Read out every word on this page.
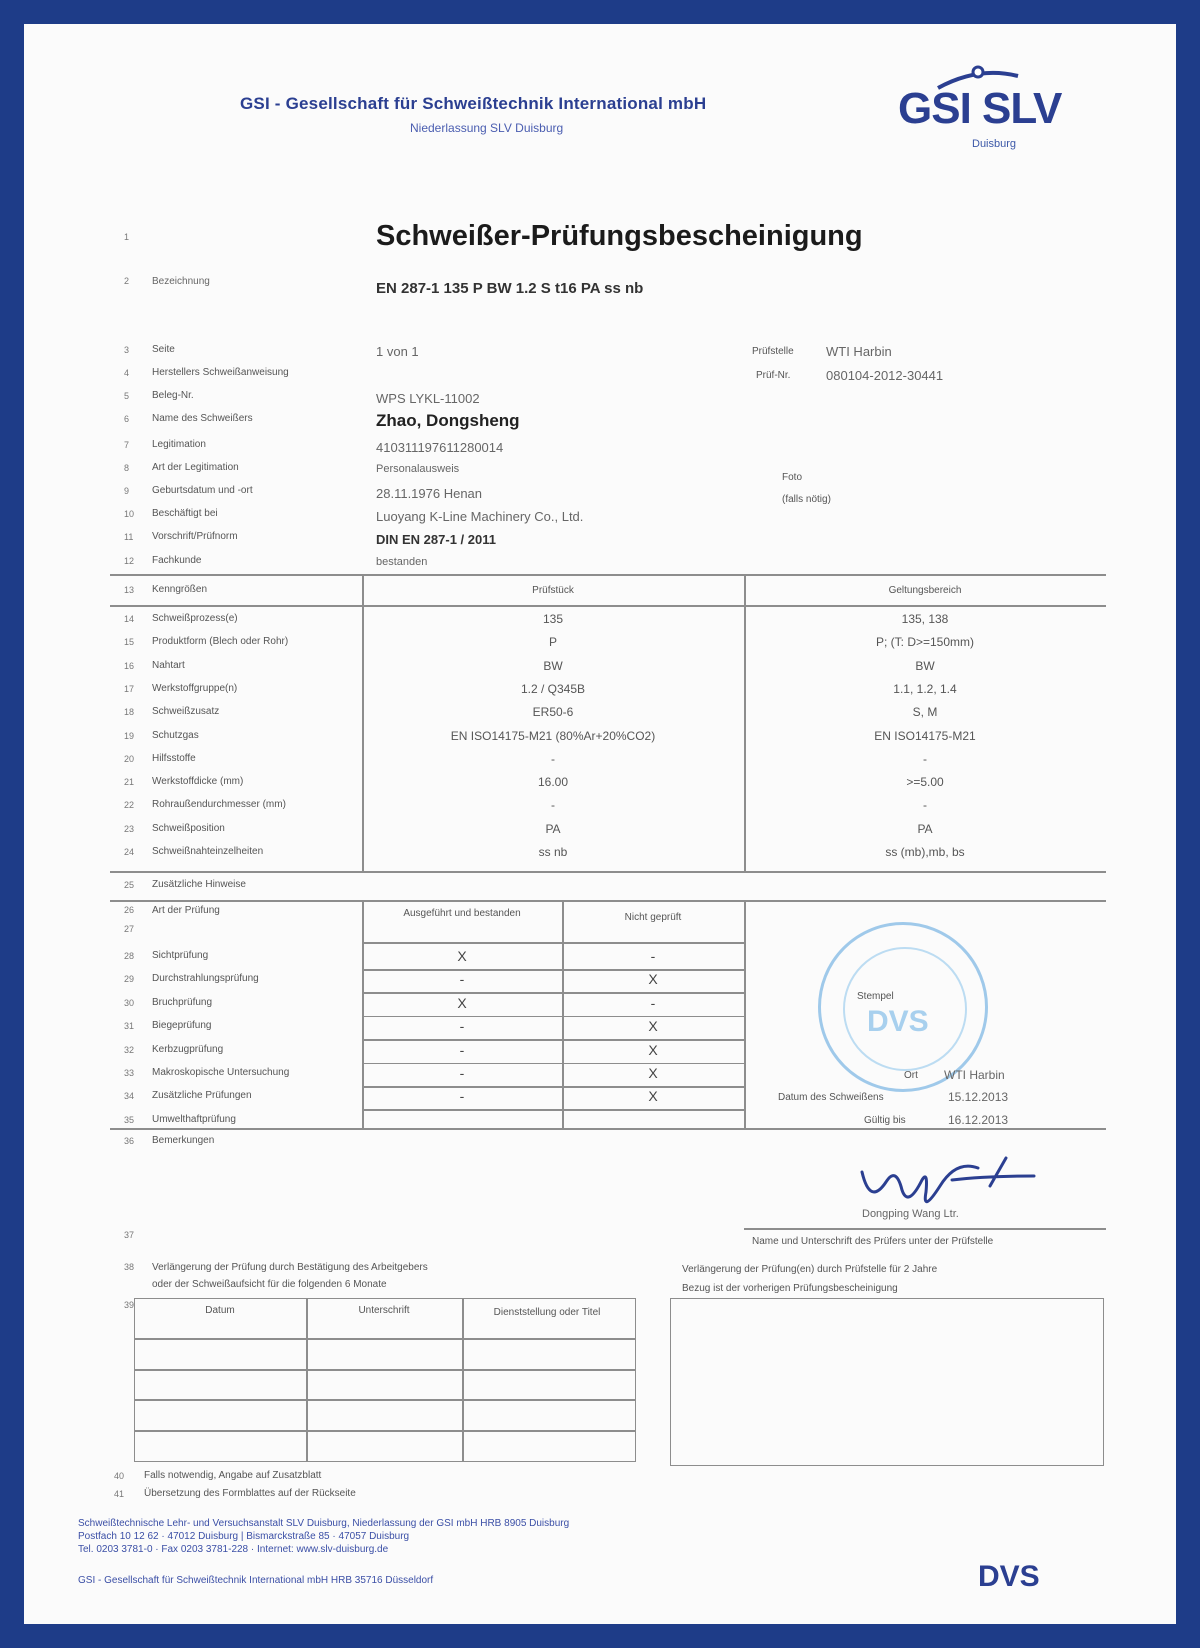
GSI - Gesellschaft für Schweißtechnik International mbH
Niederlassung SLV Duisburg	GSI SLV
Duisburg
1	Schweißer-Prüfungsbescheinigung
2 Bezeichnung	EN 287-1 135 P BW 1.2 S t16 PA ss nb
3 Seite	1 von 1
4 Herstellers Schweißanweisung
5 Beleg-Nr.	WPS LYKL-11002
6 Name des Schweißers	Zhao, Dongsheng
7 Legitimation	410311197611280014
8 Art der Legitimation	Personalausweis
9 Geburtsdatum und -ort	28.11.1976 Henan
10 Beschäftigt bei	Luoyang K-Line Machinery Co., Ltd.
11 Vorschrift/Prüfnorm	DIN EN 287-1 / 2011
12 Fachkunde	bestanden
Prüfstelle WTI Harbin
Prüf-Nr.	080104-2012-30441
Foto
(falls nötig)
13 Kenngrößen	Prüfstück	Geltungsbereich
14 Schweißprozess(e)	135	135, 138
15 Produktform (Blech oder Rohr)	P	P; (T: D>=150mm)
16 Nahtart	BW	BW
17 Werkstoffgruppe(n)	1.2 / Q345B	1.1, 1.2, 1.4
18 Schweißzusatz	ER50-6	S, M
19 Schutzgas	EN ISO14175-M21 (80%Ar+20%CO2)	EN ISO14175-M21
20 Hilfsstoffe	-	-
21 Werkstoffdicke (mm)	16.00	>=5.00
22 Rohraußendurchmesser (mm)	-	-
23 Schweißposition	PA	PA
24 Schweißnahteinzelheiten	ss nb	ss (mb),mb, bs
25 Zusätzliche Hinweise
26
27
Art der Prüfung	Ausgeführt und bestanden	Nicht geprüft
28 Sichtprüfung	X	-
29 Durchstrahlungsprüfung	-	X
30 Bruchprüfung	X	-
31 Biegeprüfung	-	X
32 Kerbzugprüfung	-	X
33 Makroskopische Untersuchung	-	X
34 Zusätzliche Prüfungen	-	X
35 Umwelthaftprüfung
Stempel
DVS
Ort WTI Harbin
Datum des Schweißens	15.12.2013
Gültig bis	16.12.2013
36 Bemerkungen
Dongping Wang Ltr.
Name und Unterschrift des Prüfers unter der Prüfstelle
37
38 Verlängerung der Prüfung durch Bestätigung des Arbeitgebers
oder der Schweißaufsicht für die folgenden 6 Monate
Verlängerung der Prüfung(en) durch Prüfstelle für 2 Jahre
Bezug ist der vorherigen Prüfungsbescheinigung
39	Datum	Unterschrift	Dienststellung oder Titel
40 Falls notwendig, Angabe auf Zusatzblatt
41 Übersetzung des Formblattes auf der Rückseite
Schweißtechnische Lehr- und Versuchsanstalt SLV Duisburg, Niederlassung der GSI mbH HRB 8905 Duisburg
Postfach 10 12 62 · 47012 Duisburg | Bismarckstraße 85 · 47057 Duisburg
Tel. 0203 3781-0 · Fax 0203 3781-228 · Internet: www.slv-duisburg.de
GSI - Gesellschaft für Schweißtechnik International mbH HRB 35716 Düsseldorf	DVS
